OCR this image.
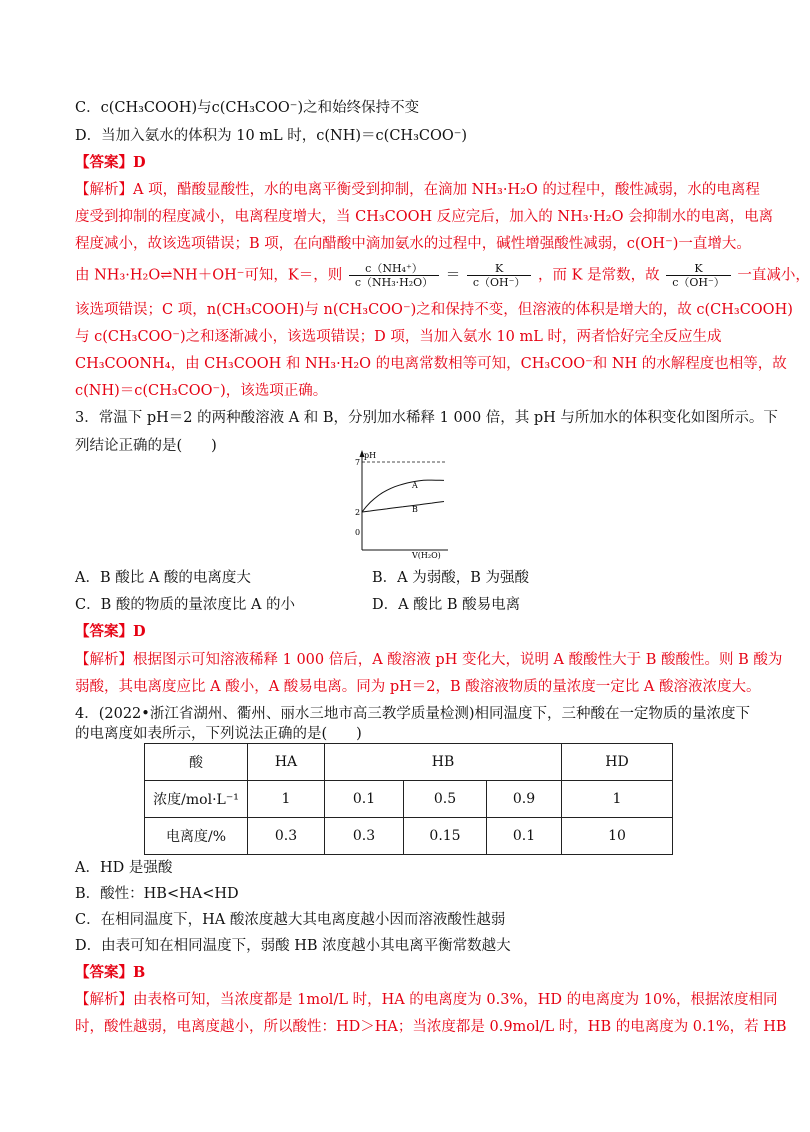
C．c(CH₃COOH)与c(CH₃COO⁻)之和始终保持不变
D．当加入氨水的体积为 10 mL 时，c(NH)＝c(CH₃COO⁻)
【答案】D
【解析】A 项，醋酸显酸性，水的电离平衡受到抑制，在滴加 NH₃·H₂O 的过程中，酸性减弱，水的电离程
度受到抑制的程度减小，电离程度增大，当 CH₃COOH 反应完后，加入的 NH₃·H₂O 会抑制水的电离，电离
程度减小，故该选项错误；B 项，在向醋酸中滴加氨水的过程中，碱性增强酸性减弱，c(OH⁻)一直增大。
由 NH₃·H₂O⇌NH＋OH⁻可知，K＝，则 $\frac{\text{c（NH₄⁺）}}{\text{c（NH₃·H₂O）}} = \frac{K}{c(OH^-)}$ ，而 K 是常数，故 $\frac{K}{c(OH^-)}$ 一直减小，
该选项错误；C 项，n(CH₃COOH)与 n(CH₃COO⁻)之和保持不变，但溶液的体积是增大的，故 c(CH₃COOH)
与 c(CH₃COO⁻)之和逐渐减小，该选项错误；D 项，当加入氨水 10 mL 时，两者恰好完全反应生成
CH₃COONH₄，由 CH₃COOH 和 NH₃·H₂O 的电离常数相等可知，CH₃COO⁻和 NH 的水解程度也相等，故
c(NH)＝c(CH₃COO⁻)，该选项正确。
3．常温下 pH＝2 的两种酸溶液 A 和 B，分别加水稀释 1 000 倍，其 pH 与所加水的体积变化如图所示。下
列结论正确的是(　　)
pH
7
2
0
A
B
V(H₂O)
A．B 酸比 A 酸的电离度大	B．A 为弱酸，B 为强酸
C．B 酸的物质的量浓度比 A 的小	D．A 酸比 B 酸易电离
【答案】D
【解析】根据图示可知溶液稀释 1 000 倍后，A 酸溶液 pH 变化大，说明 A 酸酸性大于 B 酸酸性。则 B 酸为
弱酸，其电离度应比 A 酸小，A 酸易电离。同为 pH＝2，B 酸溶液物质的量浓度一定比 A 酸溶液浓度大。
4．(2022•浙江省湖州、衢州、丽水三地市高三教学质量检测)相同温度下，三种酸在一定物质的量浓度下
的电离度如表所示，下列说法正确的是(　　)
酸	HA	HB			HD
浓度/mol·L⁻¹	1	0.1	0.5	0.9	1
电离度/%	0.3	0.3	0.15	0.1	10
A．HD 是强酸
B．酸性：HB<HA<HD
C．在相同温度下，HA 酸浓度越大其电离度越小因而溶液酸性越弱
D．由表可知在相同温度下，弱酸 HB 浓度越小其电离平衡常数越大
【答案】B
【解析】由表格可知，当浓度都是 1mol/L 时，HA 的电离度为 0.3%，HD 的电离度为 10%，根据浓度相同
时，酸性越弱，电离度越小，所以酸性：HD＞HA；当浓度都是 0.9mol/L 时，HB 的电离度为 0.1%，若 HB
